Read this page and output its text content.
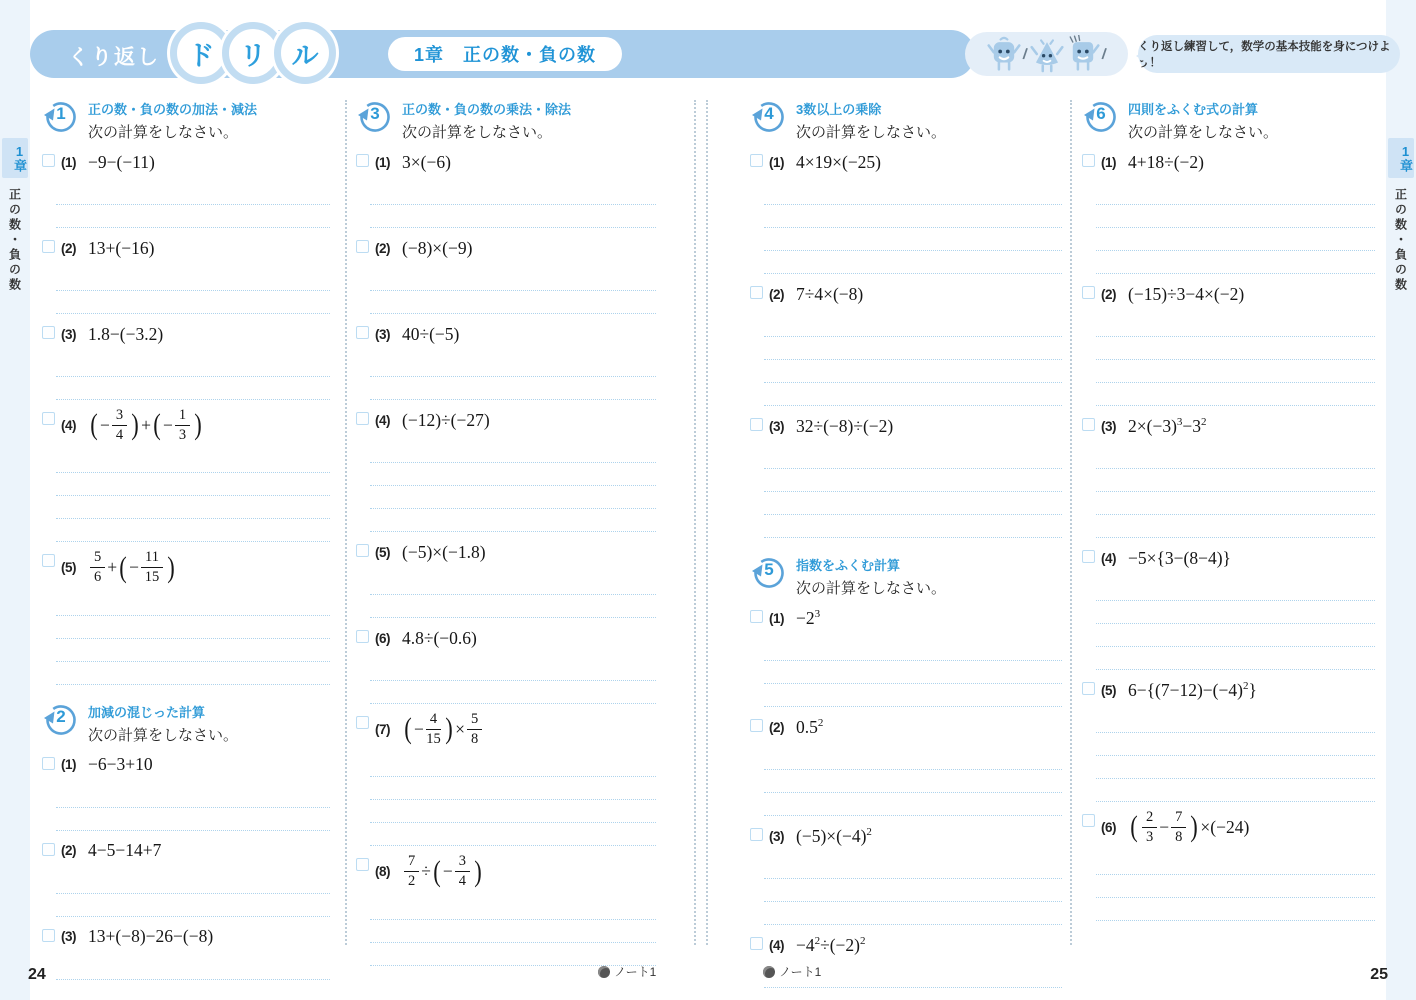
1章
正の数・負の数
1章
正の数・負の数
くり返し	ド リ ル	1章　正の数・負の数	/	/	くり返し練習して，数学の基本技能を身につけよう！
1	正の数・負の数の加法・減法
次の計算をしなさい。
(1) −9−(−11)
(2) 13+(−16)
(3) 1.8−(−3.2)
(4) ( − $\frac{3}{4}$ ) + ( − $\frac{1}{3}$ )
$(5) \frac{5}{6}$ + ( − $\frac{11}{15}$ )
2	加減の混じった計算
次の計算をしなさい。
(1) −6−3+10
(2) 4−5−14+7
(3) 13+(−8)−26−(−8)
3	正の数・負の数の乗法・除法
次の計算をしなさい。
(1) 3×(−6)
(2) (−8)×(−9)
(3) 40÷(−5)
(4) (−12)÷(−27)
(5) (−5)×(−1.8)
(6) 4.8÷(−0.6)
(7) ( − $\frac{4}{15}$ ) × $\frac{5}{8}$
$(8) \frac{7}{2}$ ÷ ( − $\frac{3}{4}$ )
4	3数以上の乗除
次の計算をしなさい。
(1) 4×19×(−25)
(2) 7÷4×(−8)
(3) 32÷(−8)÷(−2)
5	指数をふくむ計算
次の計算をしなさい。
(1) −2 3
(2) 0.5 2
(3) (−5)×(−4) 2
(4) −4 2 ÷(−2) 2
6	四則をふくむ式の計算
次の計算をしなさい。
(1) 4+18÷(−2)
(2) (−15)÷3−4×(−2)
(3) 2×(−3) 3 −3 2
(4) −5×{3−(8−4)}
(5) 6−{(7−12)−(−4) 2 }
(6) ( $\frac{2}{3} - \frac{7}{8}$ ) ×(−24)
24	25
ノート1	ノート1
